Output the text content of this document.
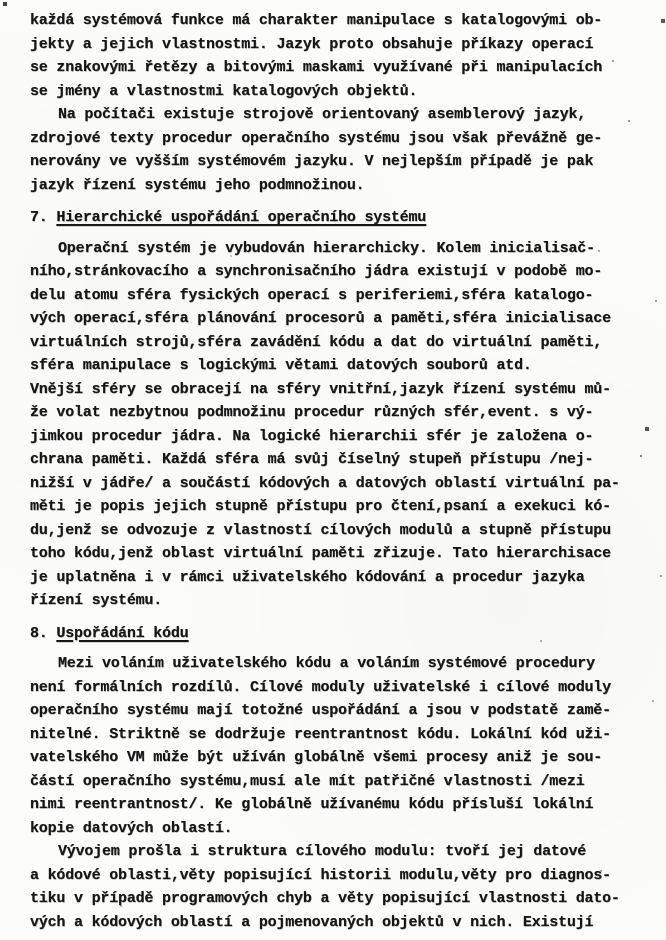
každá systémová funkce má charakter manipulace s katalogovými ob-
jekty a jejich vlastnostmi. Jazyk proto obsahuje příkazy operací
se znakovými řetězy a bitovými maskami využívané při manipulacích
se jmény a vlastnostmi katalogových objektů.
Na počítači existuje strojově orientovaný asemblerový jazyk,
zdrojové texty procedur operačního systému jsou však převážně ge-
nerovány ve vyšším systémovém jazyku. V nejlepším případě je pak
jazyk řízení systému jeho podmnožinou.
7. Hierarchické uspořádání operačního systému
Operační systém je vybudován hierarchicky. Kolem inicialisač-
ního,stránkovacího a synchronisačního jádra existují v podobě mo-
delu atomu sféra fysických operací s periferiemi,sféra katalogo-
vých operací,sféra plánování procesorů a paměti,sféra inicialisace
virtuálních strojů,sféra zavádění kódu a dat do virtuální paměti,
sféra manipulace s logickými větami datových souborů atd.
Vnější sféry se obracejí na sféry vnitřní,jazyk řízení systému mů-
že volat nezbytnou podmnožinu procedur různých sfér,event. s vý-
jimkou procedur jádra. Na logické hierarchii sfér je založena o-
chrana paměti. Každá sféra má svůj číselný stupeň přístupu /nej-
nižší v jádře/ a součástí kódových a datových oblastí virtuální pa-
měti je popis jejich stupně přístupu pro čtení,psaní a exekuci kó-
du,jenž se odvozuje z vlastností cílových modulů a stupně přístupu
toho kódu,jenž oblast virtuální paměti zřizuje. Tato hierarchisace
je uplatněna i v rámci uživatelského kódování a procedur jazyka
řízení systému.
8. Uspořádání kódu
Mezi voláním uživatelského kódu a voláním systémové procedury
není formálních rozdílů. Cílové moduly uživatelské i cílové moduly
operačního systému mají totožné uspořádání a jsou v podstatě zamě-
nitelné. Striktně se dodržuje reentrantnost kódu. Lokální kód uži-
vatelského VM může být užíván globálně všemi procesy aniž je sou-
částí operačního systému,musí ale mít patřičné vlastnosti /mezi
nimi reentrantnost/. Ke globálně užívanému kódu přísluší lokální
kopie datových oblastí.
Vývojem prošla i struktura cílového modulu: tvoří jej datové
a kódové oblasti,věty popisující historii modulu,věty pro diagnos-
tiku v případě programových chyb a věty popisující vlastnosti dato-
vých a kódových oblastí a pojmenovaných objektů v nich. Existují
